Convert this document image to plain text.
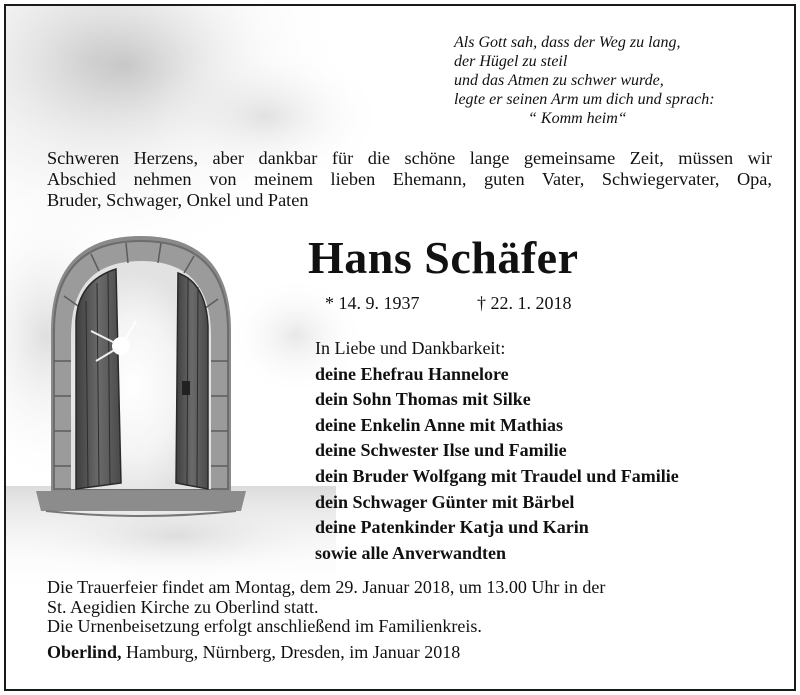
Als Gott sah, dass der Weg zu lang,
der Hügel zu steil
und das Atmen zu schwer wurde,
legte er seinen Arm um dich und sprach:
“ Komm heim“
Schweren Herzens, aber dankbar für die schöne lange gemeinsame Zeit, müssen wir
Abschied nehmen von meinem lieben Ehemann, guten Vater, Schwiegervater, Opa,
Bruder, Schwager, Onkel und Paten
Hans Schäfer
* 14. 9. 1937	† 22. 1. 2018
In Liebe und Dankbarkeit:
deine Ehefrau Hannelore
dein Sohn Thomas mit Silke
deine Enkelin Anne mit Mathias
deine Schwester Ilse und Familie
dein Bruder Wolfgang mit Traudel und Familie
dein Schwager Günter mit Bärbel
deine Patenkinder Katja und Karin
sowie alle Anverwandten
Die Trauerfeier findet am Montag, dem 29. Januar 2018, um 13.00 Uhr in der
St. Aegidien Kirche zu Oberlind statt.
Die Urnenbeisetzung erfolgt anschließend im Familienkreis.
Oberlind, Hamburg, Nürnberg, Dresden, im Januar 2018
